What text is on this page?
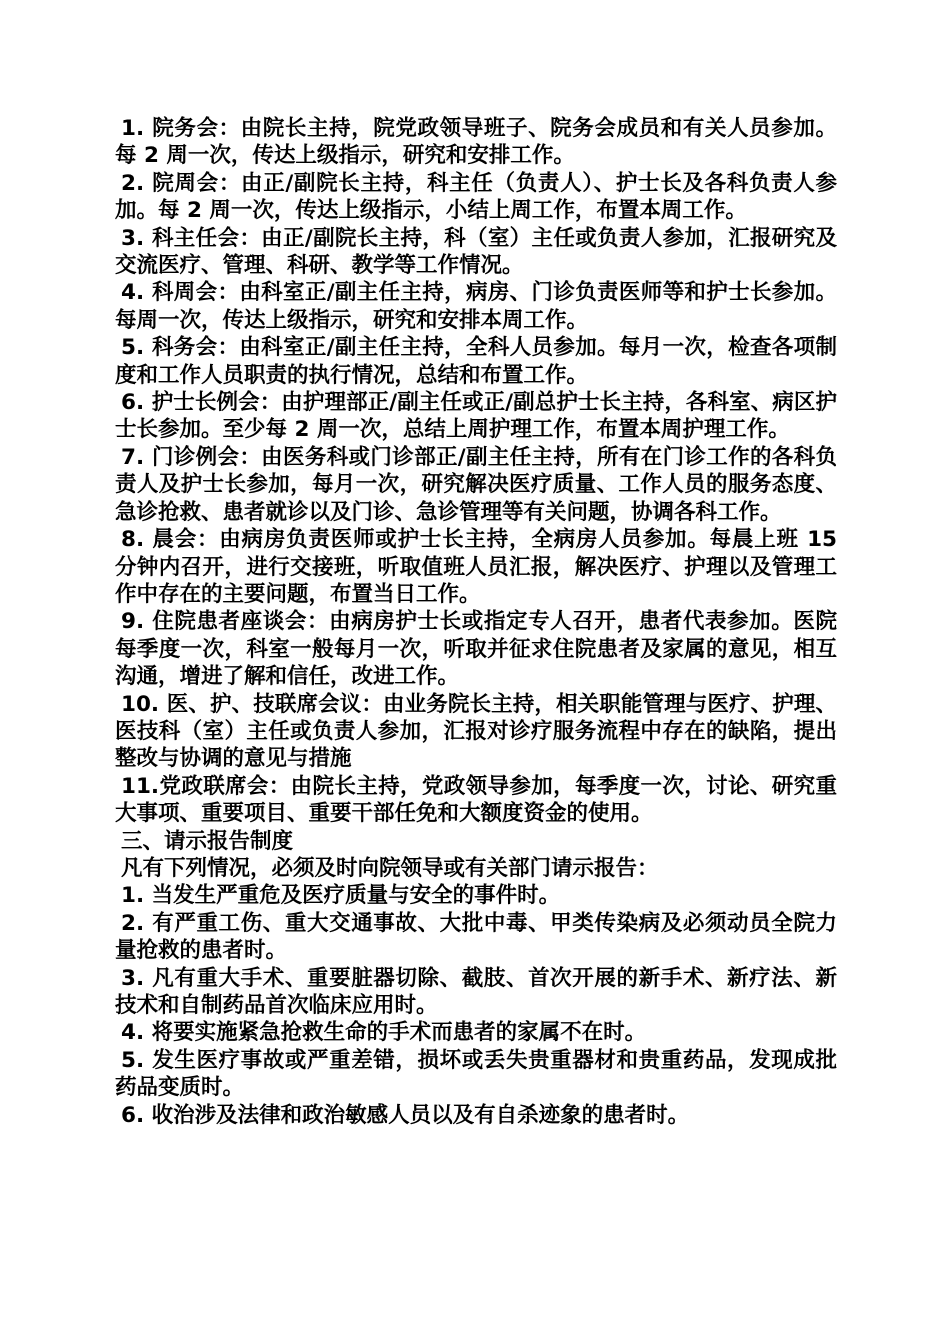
1. 院务会：由院长主持，院党政领导班子、院务会成员和有关人员参加。每 2 周一次，传达上级指示，研究和安排工作。

2. 院周会：由正/副院长主持，科主任（负责人）、护士长及各科负责人参加。每 2 周一次，传达上级指示，小结上周工作，布置本周工作。

3. 科主任会：由正/副院长主持，科（室）主任或负责人参加，汇报研究及交流医疗、管理、科研、教学等工作情况。

4. 科周会：由科室正/副主任主持，病房、门诊负责医师等和护士长参加。每周一次，传达上级指示，研究和安排本周工作。

5. 科务会：由科室正/副主任主持，全科人员参加。每月一次，检查各项制度和工作人员职责的执行情况，总结和布置工作。

6. 护士长例会：由护理部正/副主任或正/副总护士长主持，各科室、病区护士长参加。至少每 2 周一次，总结上周护理工作，布置本周护理工作。

7. 门诊例会：由医务科或门诊部正/副主任主持，所有在门诊工作的各科负责人及护士长参加，每月一次，研究解决医疗质量、工作人员的服务态度、急诊抢救、患者就诊以及门诊、急诊管理等有关问题，协调各科工作。

8. 晨会：由病房负责医师或护士长主持，全病房人员参加。每晨上班 15 分钟内召开，进行交接班，听取值班人员汇报，解决医疗、护理以及管理工作中存在的主要问题，布置当日工作。

9. 住院患者座谈会：由病房护士长或指定专人召开，患者代表参加。医院每季度一次，科室一般每月一次，听取并征求住院患者及家属的意见，相互沟通，增进了解和信任，改进工作。

10. 医、护、技联席会议：由业务院长主持，相关职能管理与医疗、护理、医技科（室）主任或负责人参加，汇报对诊疗服务流程中存在的缺陷，提出整改与协调的意见与措施

11.党政联席会：由院长主持，党政领导参加，每季度一次，讨论、研究重大事项、重要项目、重要干部任免和大额度资金的使用。

三、请示报告制度

凡有下列情况，必须及时向院领导或有关部门请示报告：

1. 当发生严重危及医疗质量与安全的事件时。

2. 有严重工伤、重大交通事故、大批中毒、甲类传染病及必须动员全院力量抢救的患者时。

3. 凡有重大手术、重要脏器切除、截肢、首次开展的新手术、新疗法、新技术和自制药品首次临床应用时。

4. 将要实施紧急抢救生命的手术而患者的家属不在时。

5. 发生医疗事故或严重差错，损坏或丢失贵重器材和贵重药品，发现成批药品变质时。

6. 收治涉及法律和政治敏感人员以及有自杀迹象的患者时。
